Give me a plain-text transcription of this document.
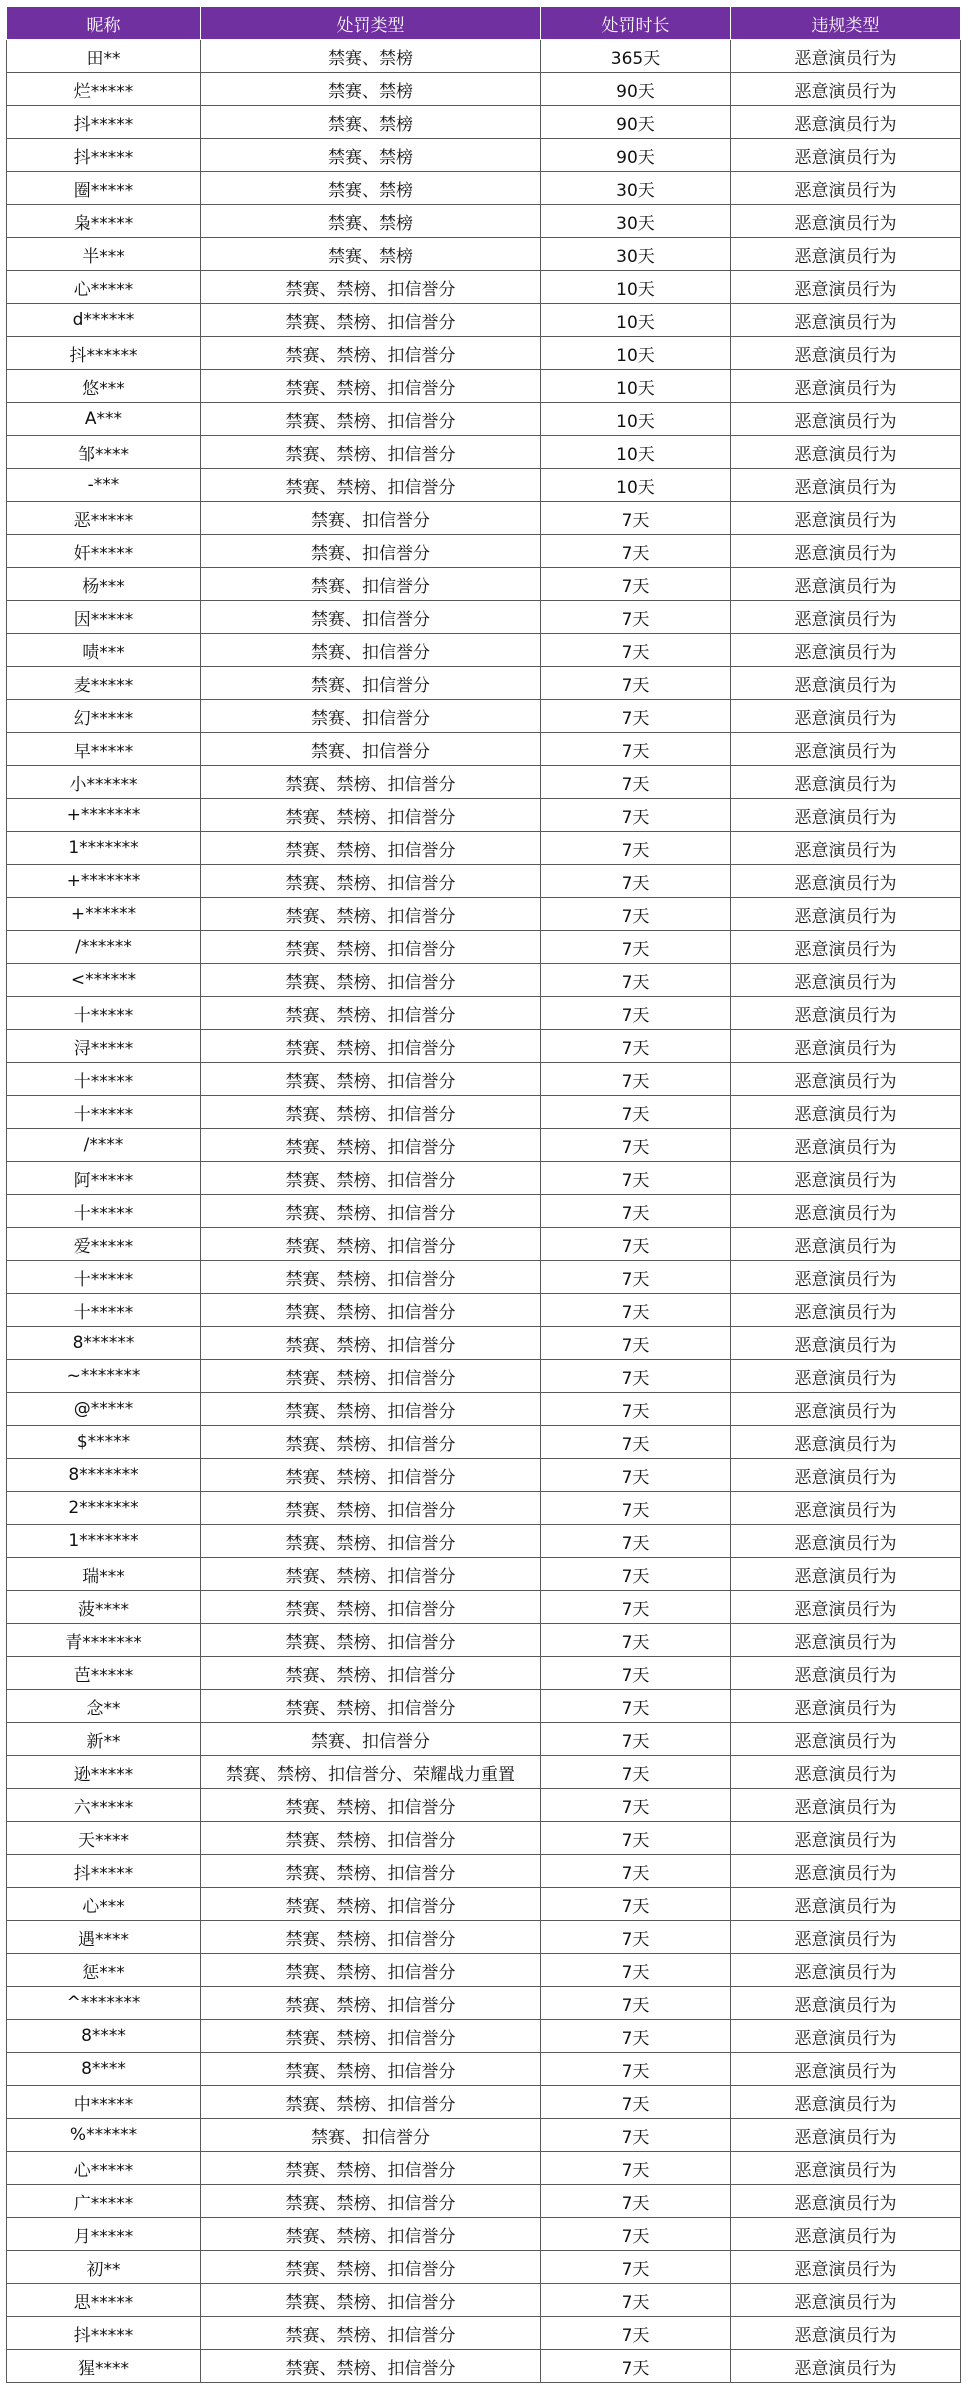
昵称	处罚类型	处罚时长	违规类型
田**	禁赛、禁榜	365天	恶意演员行为
烂*****	禁赛、禁榜	90天	恶意演员行为
抖*****	禁赛、禁榜	90天	恶意演员行为
抖*****	禁赛、禁榜	90天	恶意演员行为
圈*****	禁赛、禁榜	30天	恶意演员行为
枭*****	禁赛、禁榜	30天	恶意演员行为
半***	禁赛、禁榜	30天	恶意演员行为
心*****	禁赛、禁榜、扣信誉分	10天	恶意演员行为
d******	禁赛、禁榜、扣信誉分	10天	恶意演员行为
抖******	禁赛、禁榜、扣信誉分	10天	恶意演员行为
悠***	禁赛、禁榜、扣信誉分	10天	恶意演员行为
A***	禁赛、禁榜、扣信誉分	10天	恶意演员行为
邹****	禁赛、禁榜、扣信誉分	10天	恶意演员行为
-***	禁赛、禁榜、扣信誉分	10天	恶意演员行为
恶*****	禁赛、扣信誉分	7天	恶意演员行为
奸*****	禁赛、扣信誉分	7天	恶意演员行为
杨***	禁赛、扣信誉分	7天	恶意演员行为
因*****	禁赛、扣信誉分	7天	恶意演员行为
啧***	禁赛、扣信誉分	7天	恶意演员行为
麦*****	禁赛、扣信誉分	7天	恶意演员行为
幻*****	禁赛、扣信誉分	7天	恶意演员行为
早*****	禁赛、扣信誉分	7天	恶意演员行为
小******	禁赛、禁榜、扣信誉分	7天	恶意演员行为
+*******	禁赛、禁榜、扣信誉分	7天	恶意演员行为
1*******	禁赛、禁榜、扣信誉分	7天	恶意演员行为
+*******	禁赛、禁榜、扣信誉分	7天	恶意演员行为
+******	禁赛、禁榜、扣信誉分	7天	恶意演员行为
/******	禁赛、禁榜、扣信誉分	7天	恶意演员行为
<******	禁赛、禁榜、扣信誉分	7天	恶意演员行为
十*****	禁赛、禁榜、扣信誉分	7天	恶意演员行为
浔*****	禁赛、禁榜、扣信誉分	7天	恶意演员行为
十*****	禁赛、禁榜、扣信誉分	7天	恶意演员行为
十*****	禁赛、禁榜、扣信誉分	7天	恶意演员行为
/****	禁赛、禁榜、扣信誉分	7天	恶意演员行为
阿*****	禁赛、禁榜、扣信誉分	7天	恶意演员行为
十*****	禁赛、禁榜、扣信誉分	7天	恶意演员行为
爱*****	禁赛、禁榜、扣信誉分	7天	恶意演员行为
十*****	禁赛、禁榜、扣信誉分	7天	恶意演员行为
十*****	禁赛、禁榜、扣信誉分	7天	恶意演员行为
8******	禁赛、禁榜、扣信誉分	7天	恶意演员行为
~*******	禁赛、禁榜、扣信誉分	7天	恶意演员行为
@*****	禁赛、禁榜、扣信誉分	7天	恶意演员行为
$*****	禁赛、禁榜、扣信誉分	7天	恶意演员行为
8*******	禁赛、禁榜、扣信誉分	7天	恶意演员行为
2*******	禁赛、禁榜、扣信誉分	7天	恶意演员行为
1*******	禁赛、禁榜、扣信誉分	7天	恶意演员行为
瑞***	禁赛、禁榜、扣信誉分	7天	恶意演员行为
菠****	禁赛、禁榜、扣信誉分	7天	恶意演员行为
青*******	禁赛、禁榜、扣信誉分	7天	恶意演员行为
芭*****	禁赛、禁榜、扣信誉分	7天	恶意演员行为
念**	禁赛、禁榜、扣信誉分	7天	恶意演员行为
新**	禁赛、扣信誉分	7天	恶意演员行为
逊*****	禁赛、禁榜、扣信誉分、荣耀战力重置	7天	恶意演员行为
六*****	禁赛、禁榜、扣信誉分	7天	恶意演员行为
天****	禁赛、禁榜、扣信誉分	7天	恶意演员行为
抖*****	禁赛、禁榜、扣信誉分	7天	恶意演员行为
心***	禁赛、禁榜、扣信誉分	7天	恶意演员行为
遇****	禁赛、禁榜、扣信誉分	7天	恶意演员行为
惩***	禁赛、禁榜、扣信誉分	7天	恶意演员行为
^*******	禁赛、禁榜、扣信誉分	7天	恶意演员行为
8****	禁赛、禁榜、扣信誉分	7天	恶意演员行为
8****	禁赛、禁榜、扣信誉分	7天	恶意演员行为
中*****	禁赛、禁榜、扣信誉分	7天	恶意演员行为
%******	禁赛、扣信誉分	7天	恶意演员行为
心*****	禁赛、禁榜、扣信誉分	7天	恶意演员行为
广*****	禁赛、禁榜、扣信誉分	7天	恶意演员行为
月*****	禁赛、禁榜、扣信誉分	7天	恶意演员行为
初**	禁赛、禁榜、扣信誉分	7天	恶意演员行为
思*****	禁赛、禁榜、扣信誉分	7天	恶意演员行为
抖*****	禁赛、禁榜、扣信誉分	7天	恶意演员行为
猩****	禁赛、禁榜、扣信誉分	7天	恶意演员行为
